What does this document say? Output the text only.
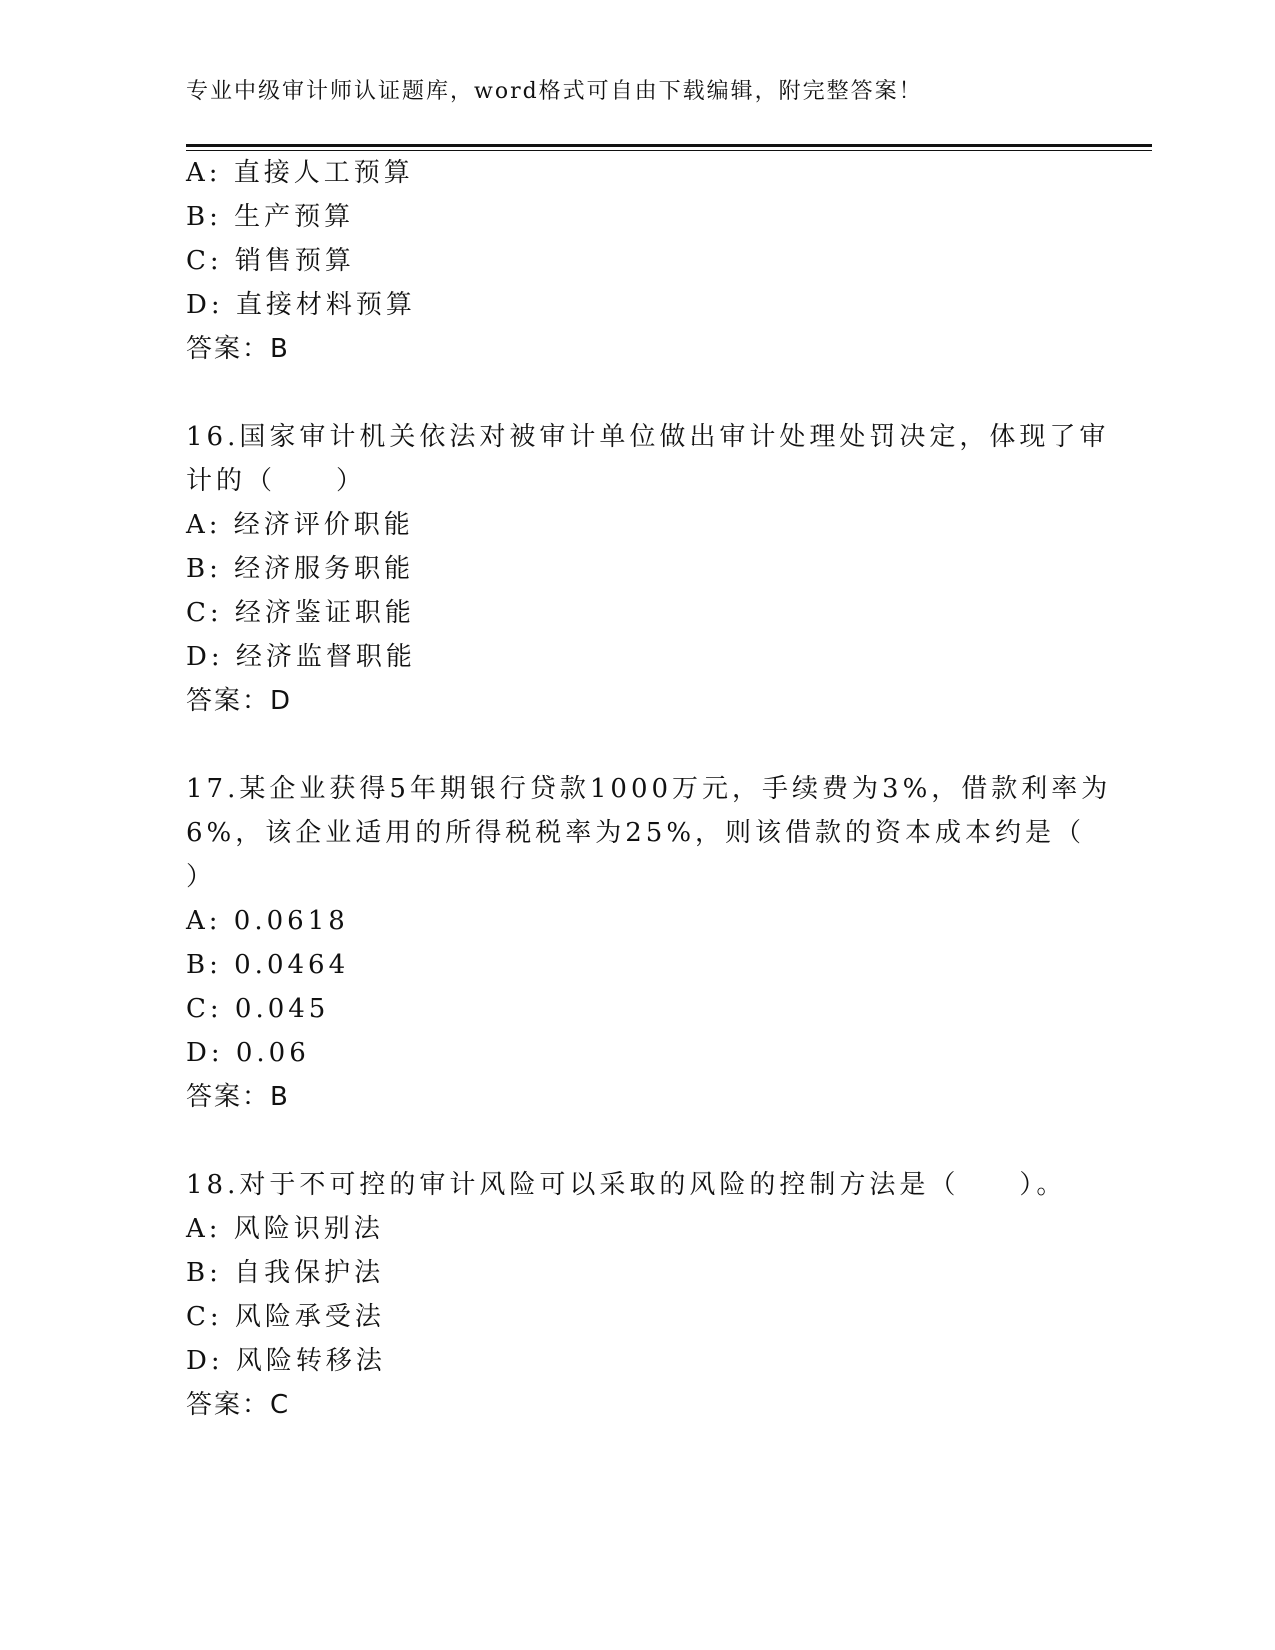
专业中级审计师认证题库，word格式可自由下载编辑，附完整答案！
A: 直接人工预算
B: 生产预算
C: 销售预算
D: 直接材料预算
答案：B
16.国家审计机关依法对被审计单位做出审计处理处罚决定，体现了审
计的（　　）
A: 经济评价职能
B: 经济服务职能
C: 经济鉴证职能
D: 经济监督职能
答案：D
17.某企业获得5年期银行贷款1000万元，手续费为3%，借款利率为
6%，该企业适用的所得税税率为25%，则该借款的资本成本约是（
）
A: 0.0618
B: 0.0464
C: 0.045
D: 0.06
答案：B
18.对于不可控的审计风险可以采取的风险的控制方法是（　　）。
A: 风险识别法
B: 自我保护法
C: 风险承受法
D: 风险转移法
答案：C
